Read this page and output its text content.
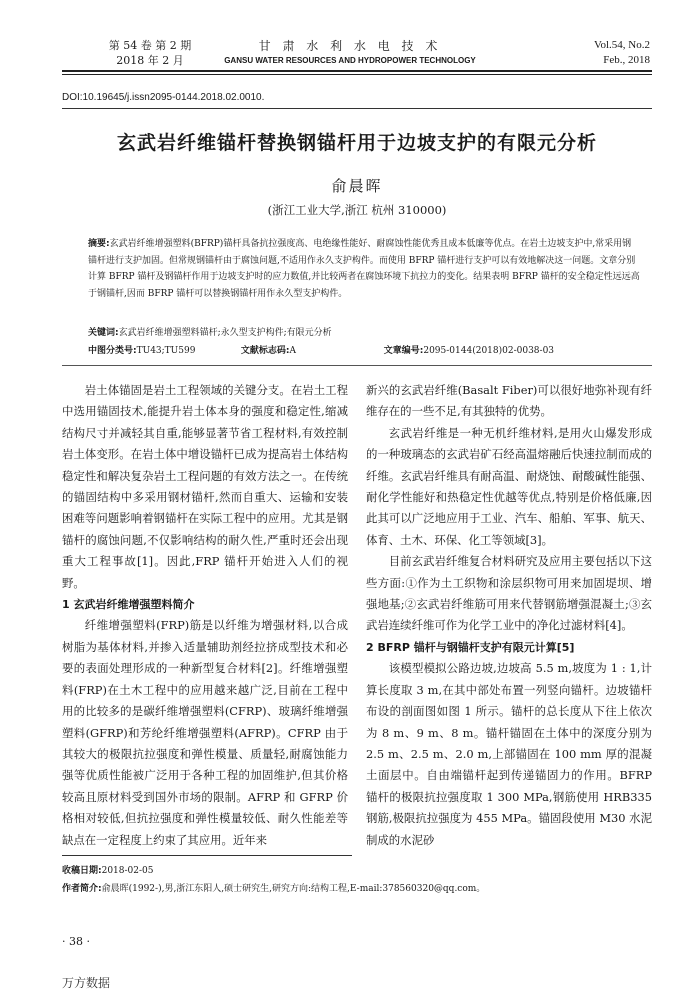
第 54 卷 第 2 期
2018 年 2 月
甘 肃 水 利 水 电 技 术
GANSU WATER RESOURCES AND HYDROPOWER TECHNOLOGY
Vol.54, No.2
Feb., 2018
DOI:10.19645/j.issn2095-0144.2018.02.0010.
玄武岩纤维锚杆替换钢锚杆用于边坡支护的有限元分析
俞晨晖
(浙江工业大学,浙江 杭州 310000)
摘要:玄武岩纤维增强塑料(BFRP)锚杆具备抗拉强度高、电绝缘性能好、耐腐蚀性能优秀且成本低廉等优点。在岩土边坡支护中,常采用钢锚杆进行支护加固。但常规钢锚杆由于腐蚀问题,不适用作永久支护构件。而使用 BFRP 锚杆进行支护可以有效地解决这一问题。文章分别计算 BFRP 锚杆及钢锚杆作用于边坡支护时的应力数值,并比较两者在腐蚀环境下抗拉力的变化。结果表明 BFRP 锚杆的安全稳定性远远高于钢锚杆,因而 BFRP 锚杆可以替换钢锚杆用作永久型支护构件。
关键词:玄武岩纤维增强塑料锚杆;永久型支护构件;有限元分析
中图分类号:TU43;TU599	文献标志码:A	文章编号:2095-0144(2018)02-0038-03

岩土体锚固是岩土工程领域的关键分支。在岩土工程中选用锚固技术,能提升岩土体本身的强度和稳定性,缩减结构尺寸并减轻其自重,能够显著节省工程材料,有效控制岩土体变形。在岩土体中增设锚杆已成为提高岩土体结构稳定性和解决复杂岩土工程问题的有效方法之一。在传统的锚固结构中多采用钢材锚杆,然而自重大、运输和安装困难等问题影响着钢锚杆在实际工程中的应用。尤其是钢锚杆的腐蚀问题,不仅影响结构的耐久性,严重时还会出现重大工程事故[1]。因此,FRP 锚杆开始进入人们的视野。

1 玄武岩纤维增强塑料简介

纤维增强塑料(FRP)筋是以纤维为增强材料,以合成树脂为基体材料,并掺入适量辅助剂经拉挤成型技术和必要的表面处理形成的一种新型复合材料[2]。纤维增强塑料(FRP)在土木工程中的应用越来越广泛,目前在工程中用的比较多的是碳纤维增强塑料(CFRP)、玻璃纤维增强塑料(GFRP)和芳纶纤维增强塑料(AFRP)。CFRP 由于其较大的极限抗拉强度和弹性模量、质量轻,耐腐蚀能力强等优质性能被广泛用于各种工程的加固维护,但其价格较高且原材料受到国外市场的限制。AFRP 和 GFRP 价格相对较低,但抗拉强度和弹性模量较低、耐久性能差等缺点在一定程度上约束了其应用。近年来

新兴的玄武岩纤维(Basalt Fiber)可以很好地弥补现有纤维存在的一些不足,有其独特的优势。

玄武岩纤维是一种无机纤维材料,是用火山爆发形成的一种玻璃态的玄武岩矿石经高温熔融后快速拉制而成的纤维。玄武岩纤维具有耐高温、耐烧蚀、耐酸碱性能强、耐化学性能好和热稳定性优越等优点,特别是价格低廉,因此其可以广泛地应用于工业、汽车、船舶、军事、航天、体育、土木、环保、化工等领域[3]。

目前玄武岩纤维复合材料研究及应用主要包括以下这些方面:①作为土工织物和涂层织物可用来加固堤坝、增强地基;②玄武岩纤维筋可用来代替钢筋增强混凝土;③玄武岩连续纤维可作为化学工业中的净化过滤材料[4]。

2 BFRP 锚杆与钢锚杆支护有限元计算[5]

该模型模拟公路边坡,边坡高 5.5 m,坡度为 1 : 1,计算长度取 3 m,在其中部处布置一列竖向锚杆。边坡锚杆布设的剖面图如图 1 所示。锚杆的总长度从下往上依次为 8 m、9 m、8 m。锚杆锚固在土体中的深度分别为 2.5 m、2.5 m、2.0 m,上部锚固在 100 mm 厚的混凝土面层中。自由端锚杆起到传递锚固力的作用。BFRP 锚杆的极限抗拉强度取 1 300 MPa,钢筋使用 HRB335 钢筋,极限抗拉强度为 455 MPa。锚固段使用 M30 水泥制成的水泥砂

收稿日期:2018-02-05
作者简介:俞晨晖(1992-),男,浙江东阳人,硕士研究生,研究方向:结构工程,E-mail:378560320@qq.com。
· 38 ·
万方数据
